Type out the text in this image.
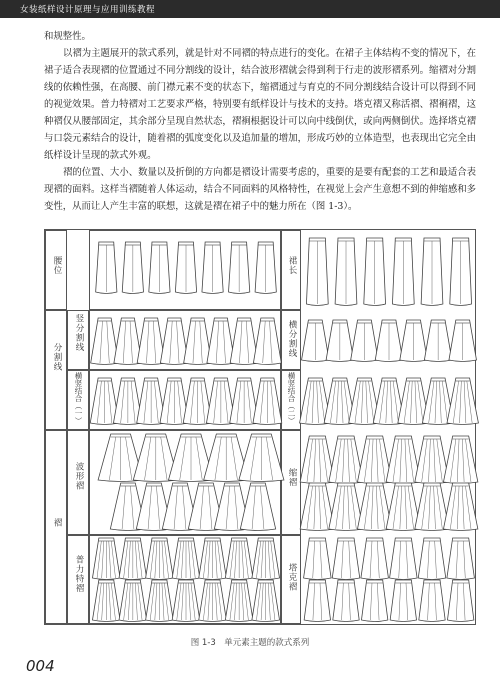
女装纸样设计原理与应用训练教程

和规整性。

以褶为主题展开的款式系列，就是针对不同褶的特点进行的变化。在裙子主体结构不变的情况下，在裙子适合表现褶的位置通过不同分割线的设计，结合波形褶就会得到利于行走的波形褶系列。缩褶对分割线的依赖性强，在高腰、前门襟元素不变的状态下，缩褶通过与育克的不同分割线结合设计可以得到不同的视觉效果。普力特褶对工艺要求严格，特别要有纸样设计与技术的支持。塔克褶又称活褶、褶裥褶，这种褶仅从腰部固定，其余部分呈现自然状态，褶裥根据设计可以向中线倒伏，或向两侧倒伏。选择塔克褶与口袋元素结合的设计，随着褶的弧度变化以及追加量的增加，形成巧妙的立体造型，也表现出它完全由纸样设计呈现的款式外观。

褶的位置、大小、数量以及折倒的方向都是褶设计需要考虑的，重要的是要有配套的工艺和最适合表现褶的面料。这样当褶随着人体运动，结合不同面料的风格特性，在视觉上会产生意想不到的伸缩感和多变性，从而让人产生丰富的联想，这就是褶在裙子中的魅力所在（图 1-3）。

腰位
分割线
褶
竖分割线
横竖结合（一）
波形褶
普力特褶
裙长
横分割线
横竖结合（二）
缩褶
塔克褶
图 1-3　单元素主题的款式系列
004
